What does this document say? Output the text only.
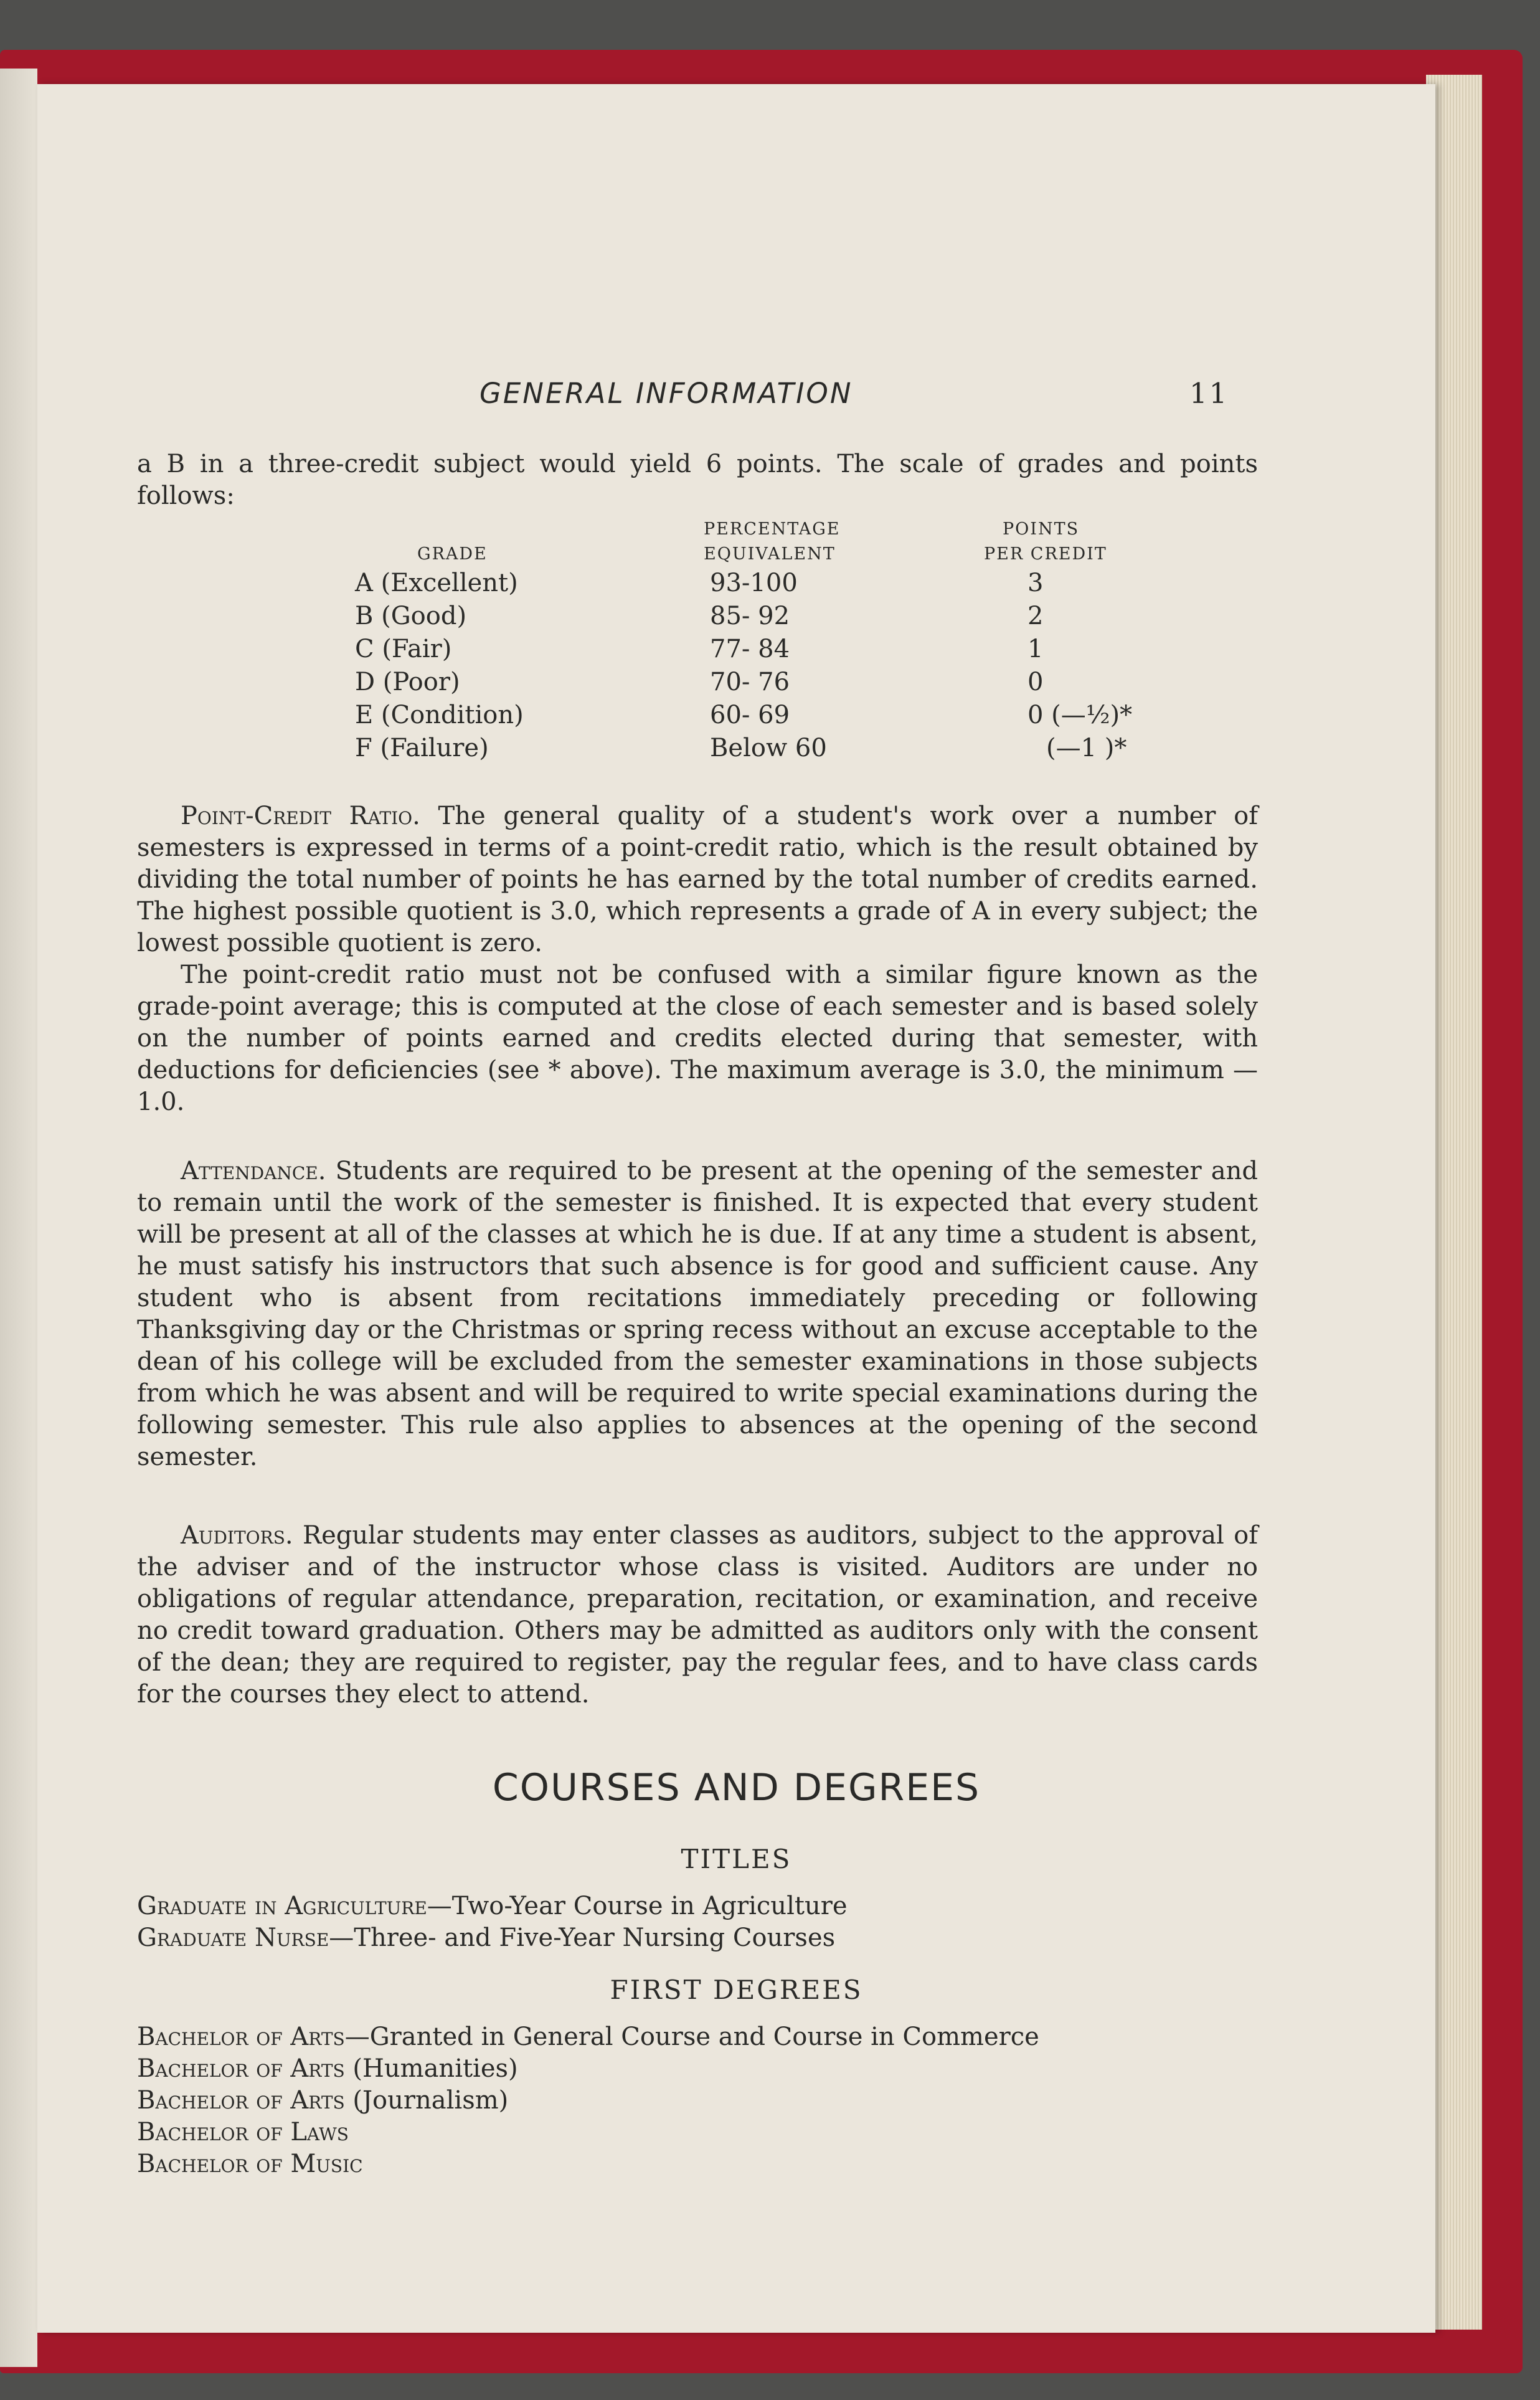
GENERAL INFORMATION	11

a B in a three-credit subject would yield 6 points. The scale of grades and points follows:

	PERCENTAGE	POINTS
GRADE	EQUIVALENT	PER CREDIT
A (Excellent)	93-100	3
B (Good)	85- 92	2
C (Fair)	77- 84	1
D (Poor)	70- 76	0
E (Condition)	60- 69	0 (—½)*
F (Failure)	Below 60	(—1 )*

Point-Credit Ratio. The general quality of a student's work over a number of semesters is expressed in terms of a point-credit ratio, which is the result obtained by dividing the total number of points he has earned by the total number of credits earned. The highest possible quotient is 3.0, which represents a grade of A in every subject; the lowest possible quotient is zero.

The point-credit ratio must not be confused with a similar figure known as the grade-point average; this is computed at the close of each semester and is based solely on the number of points earned and credits elected during that semester, with deductions for deficiencies (see * above). The maximum average is 3.0, the minimum —1.0.

Attendance. Students are required to be present at the opening of the semester and to remain until the work of the semester is finished. It is expected that every student will be present at all of the classes at which he is due. If at any time a student is absent, he must satisfy his instructors that such absence is for good and sufficient cause. Any student who is absent from recitations immediately preceding or following Thanksgiving day or the Christmas or spring recess without an excuse acceptable to the dean of his college will be excluded from the semester examinations in those subjects from which he was absent and will be required to write special examinations during the following semester. This rule also applies to absences at the opening of the second semester.

Auditors. Regular students may enter classes as auditors, subject to the approval of the adviser and of the instructor whose class is visited. Auditors are under no obligations of regular attendance, preparation, recitation, or examination, and receive no credit toward graduation. Others may be admitted as auditors only with the consent of the dean; they are required to register, pay the regular fees, and to have class cards for the courses they elect to attend.

COURSES AND DEGREES
TITLES
Graduate in Agriculture—Two-Year Course in Agriculture
Graduate Nurse—Three- and Five-Year Nursing Courses
FIRST DEGREES
Bachelor of Arts—Granted in General Course and Course in Commerce
Bachelor of Arts (Humanities)
Bachelor of Arts (Journalism)
Bachelor of Laws
Bachelor of Music
